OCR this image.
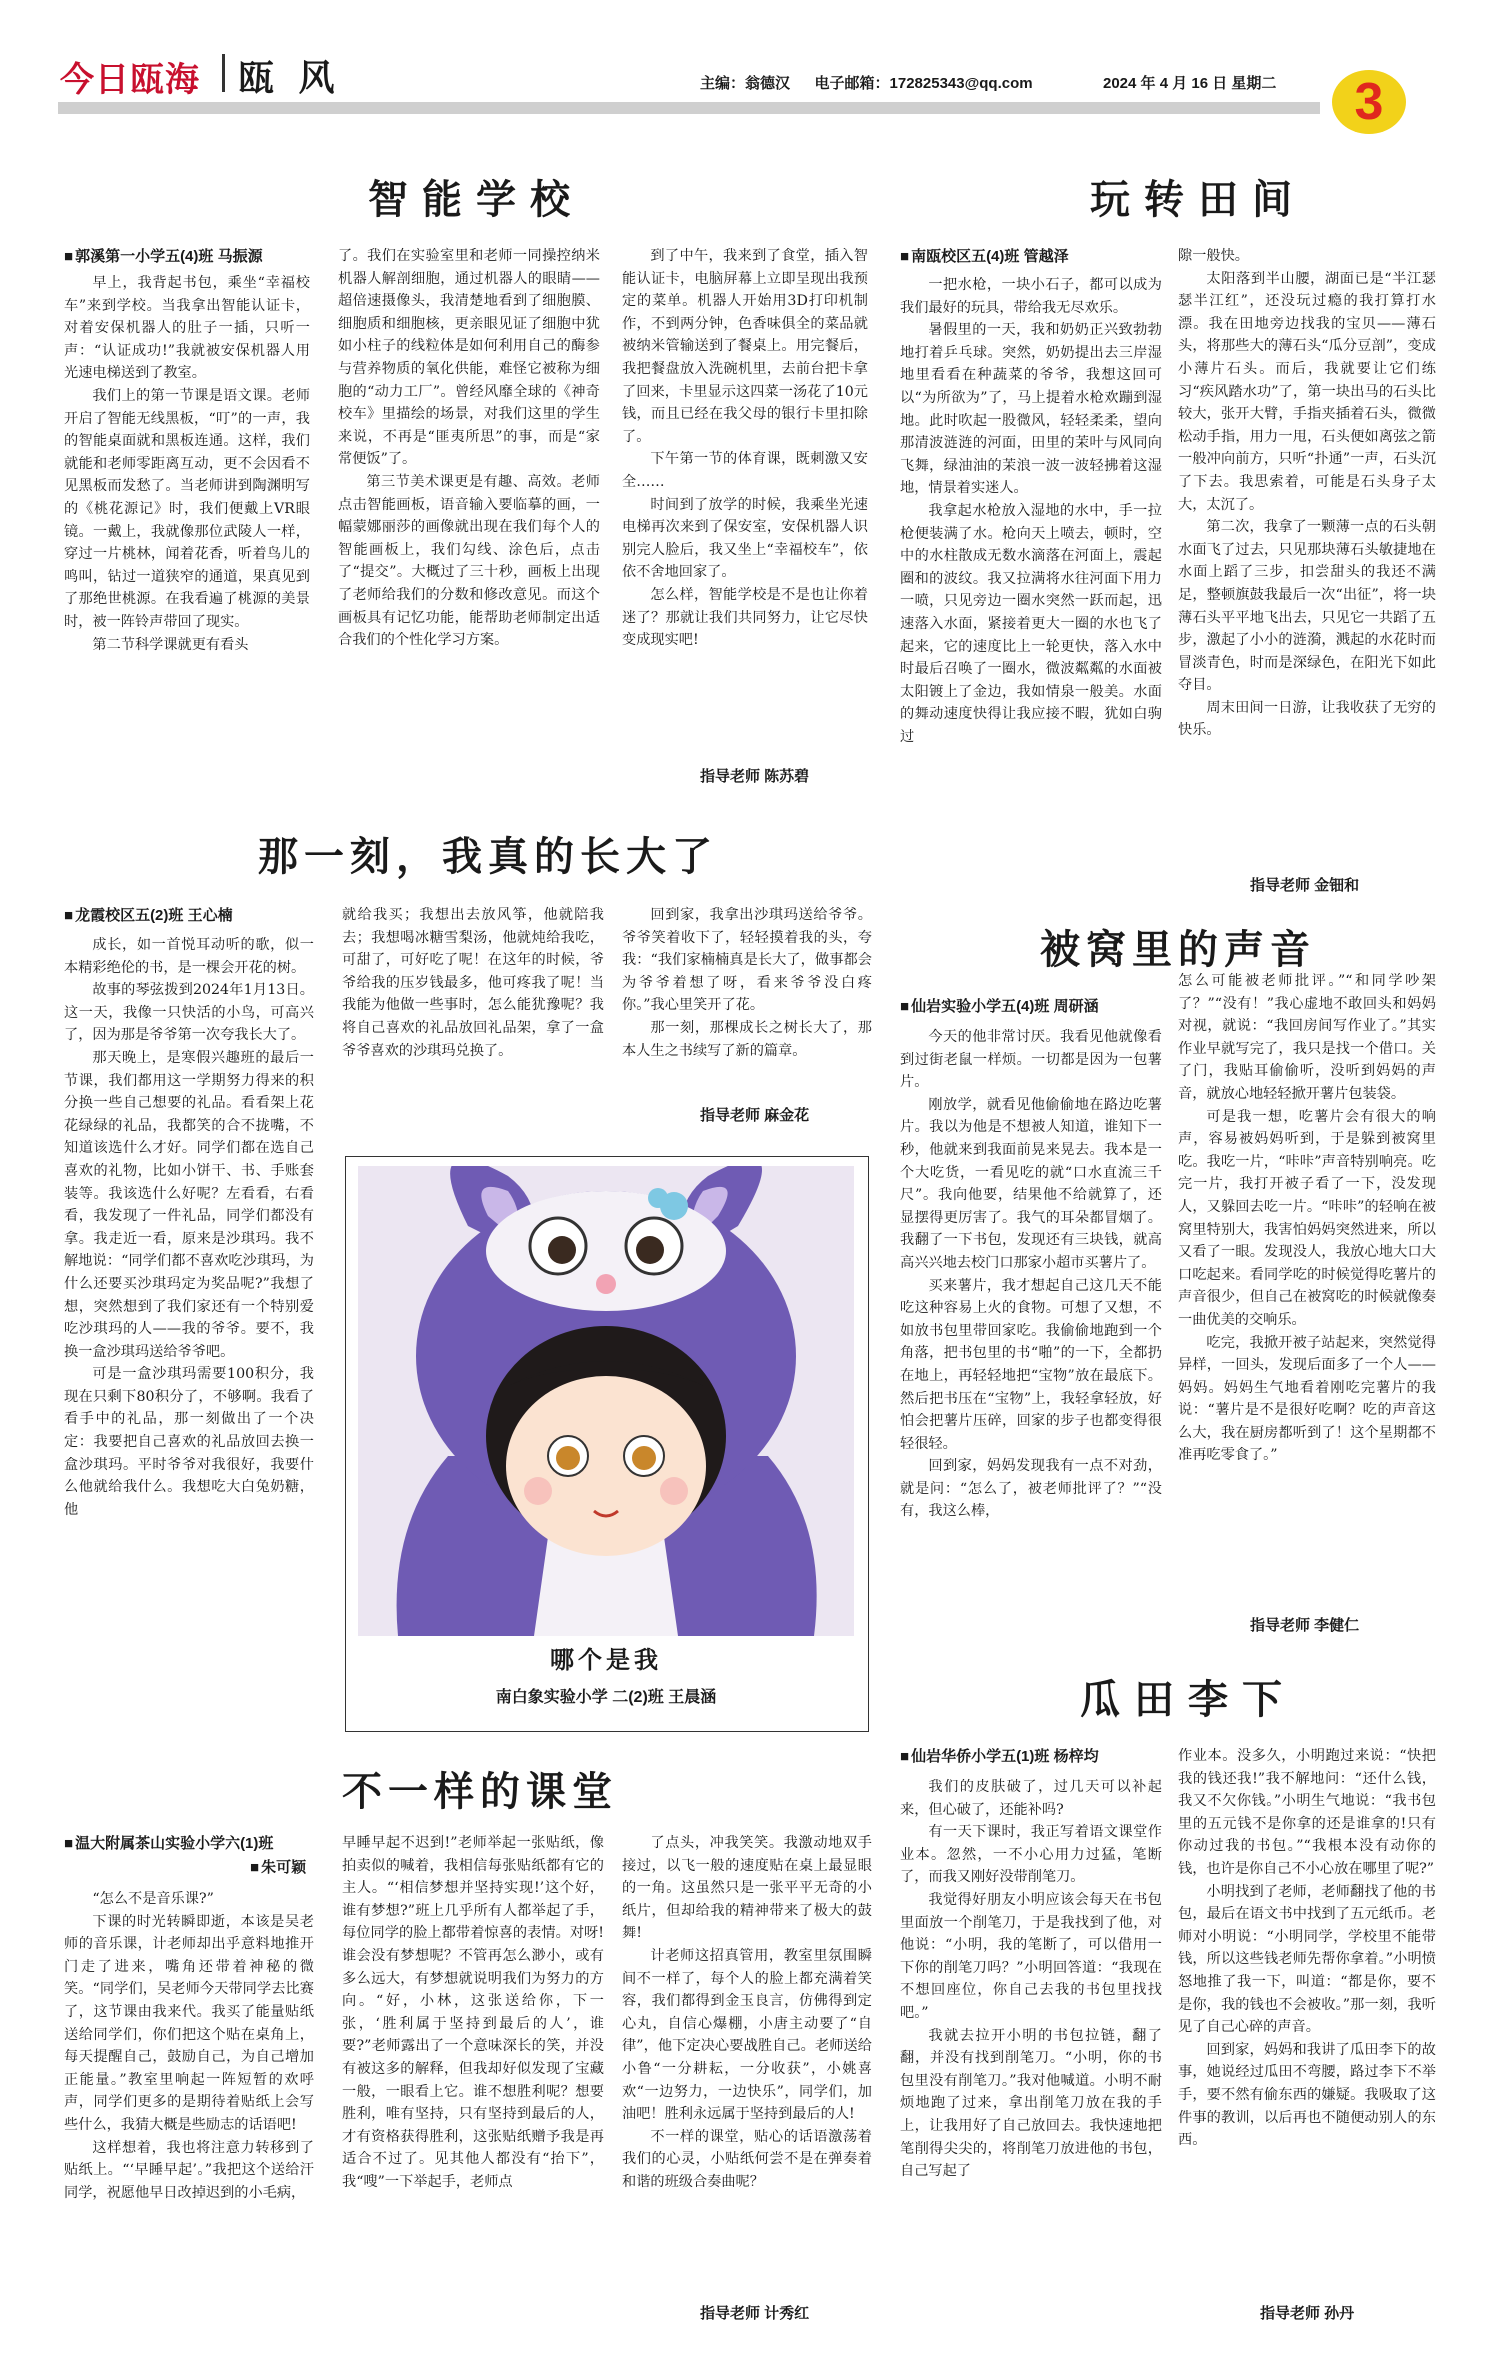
今日瓯海 瓯 风	主编：翁德汉 电子邮箱：172825343@qq.com	2024 年 4 月 16 日 星期二	3
智能学校
■ 郭溪第一小学五(4)班 马振源
早上，我背起书包，乘坐“幸福校车”来到学校。当我拿出智能认证卡，对着安保机器人的肚子一插，只听一声：“认证成功!”我就被安保机器人用光速电梯送到了教室。
我们上的第一节课是语文课。老师开启了智能无线黑板，“叮”的一声，我的智能桌面就和黑板连通。这样，我们就能和老师零距离互动，更不会因看不见黑板而发愁了。当老师讲到陶渊明写的《桃花源记》时，我们便戴上VR眼镜。一戴上，我就像那位武陵人一样，穿过一片桃林，闻着花香，听着鸟儿的鸣叫，钻过一道狭窄的通道，果真见到了那绝世桃源。在我看遍了桃源的美景时，被一阵铃声带回了现实。
第二节科学课就更有看头
了。我们在实验室里和老师一同操控纳米机器人解剖细胞，通过机器人的眼睛——超倍速摄像头，我清楚地看到了细胞膜、细胞质和细胞核，更亲眼见证了细胞中犹如小柱子的线粒体是如何利用自己的酶参与营养物质的氧化供能，难怪它被称为细胞的“动力工厂”。曾经风靡全球的《神奇校车》里描绘的场景，对我们这里的学生来说，不再是“匪夷所思”的事，而是“家常便饭”了。
第三节美术课更是有趣、高效。老师点击智能画板，语音输入要临摹的画，一幅蒙娜丽莎的画像就出现在我们每个人的智能画板上，我们勾线、涂色后，点击了“提交”。大概过了三十秒，画板上出现了老师给我们的分数和修改意见。而这个画板具有记忆功能，能帮助老师制定出适合我们的个性化学习方案。
到了中午，我来到了食堂，插入智能认证卡，电脑屏幕上立即呈现出我预定的菜单。机器人开始用3D打印机制作，不到两分钟，色香味俱全的菜品就被纳米管输送到了餐桌上。用完餐后，我把餐盘放入洗碗机里，去前台把卡拿了回来，卡里显示这四菜一汤花了10元钱，而且已经在我父母的银行卡里扣除了。
下午第一节的体育课，既刺激又安全……
时间到了放学的时候，我乘坐光速电梯再次来到了保安室，安保机器人识别完人脸后，我又坐上“幸福校车”，依依不舍地回家了。
怎么样，智能学校是不是也让你着迷了？那就让我们共同努力，让它尽快变成现实吧!
指导老师 陈苏碧
那一刻，我真的长大了
■ 龙霞校区五(2)班 王心楠
成长，如一首悦耳动听的歌，似一本精彩绝伦的书，是一棵会开花的树。
故事的琴弦拨到2024年1月13日。这一天，我像一只快活的小鸟，可高兴了，因为那是爷爷第一次夸我长大了。
那天晚上，是寒假兴趣班的最后一节课，我们都用这一学期努力得来的积分换一些自己想要的礼品。看看架上花花绿绿的礼品，我都笑的合不拢嘴，不知道该选什么才好。同学们都在选自己喜欢的礼物，比如小饼干、书、手账套装等。我该选什么好呢？左看看，右看看，我发现了一件礼品，同学们都没有拿。我走近一看，原来是沙琪玛。我不解地说：“同学们都不喜欢吃沙琪玛，为什么还要买沙琪玛定为奖品呢?”我想了想，突然想到了我们家还有一个特别爱吃沙琪玛的人——我的爷爷。要不，我换一盒沙琪玛送给爷爷吧。
可是一盒沙琪玛需要100积分，我现在只剩下80积分了，不够啊。我看了看手中的礼品，那一刻做出了一个决定：我要把自己喜欢的礼品放回去换一盒沙琪玛。平时爷爷对我很好，我要什么他就给我什么。我想吃大白兔奶糖，他
就给我买；我想出去放风筝，他就陪我去；我想喝冰糖雪梨汤，他就炖给我吃，可甜了，可好吃了呢！在这年的时候，爷爷给我的压岁钱最多，他可疼我了呢！当我能为他做一些事时，怎么能犹豫呢？我将自己喜欢的礼品放回礼品架，拿了一盒爷爷喜欢的沙琪玛兑换了。
回到家，我拿出沙琪玛送给爷爷。爷爷笑着收下了，轻轻摸着我的头，夸我：“我们家楠楠真是长大了，做事都会为爷爷着想了呀，看来爷爷没白疼你。”我心里笑开了花。
那一刻，那棵成长之树长大了，那本人生之书续写了新的篇章。
指导老师 麻金花
哪个是我
南白象实验小学 二(2)班 王晨涵
不一样的课堂
■ 温大附属茶山实验小学六(1)班
■ 朱可颖
“怎么不是音乐课?”
下课的时光转瞬即逝，本该是吴老师的音乐课，计老师却出乎意料地推开门走了进来，嘴角还带着神秘的微笑。“同学们，吴老师今天带同学去比赛了，这节课由我来代。我买了能量贴纸送给同学们，你们把这个贴在桌角上，每天提醒自己，鼓励自己，为自己增加正能量。”教室里响起一阵短暂的欢呼声，同学们更多的是期待着贴纸上会写些什么，我猜大概是些励志的话语吧!
这样想着，我也将注意力转移到了贴纸上。“‘早睡早起’。”我把这个送给汗同学，祝愿他早日改掉迟到的小毛病，
早睡早起不迟到!”老师举起一张贴纸，像拍卖似的喊着，我相信每张贴纸都有它的主人。“‘相信梦想并坚持实现!’这个好，谁有梦想?”班上几乎所有人都举起了手，每位同学的脸上都带着惊喜的表情。对呀!谁会没有梦想呢？不管再怎么渺小，或有多么远大，有梦想就说明我们为努力的方向。“好，小林，这张送给你，下一张，‘胜利属于坚持到最后的人’，谁要?”老师露出了一个意味深长的笑，并没有被这多的解释，但我却好似发现了宝藏一般，一眼看上它。谁不想胜利呢？想要胜利，唯有坚持，只有坚持到最后的人，才有资格获得胜利，这张贴纸赠予我是再适合不过了。见其他人都没有“抬下”，我“嗖”一下举起手，老师点
了点头，冲我笑笑。我激动地双手接过，以飞一般的速度贴在桌上最显眼的一角。这虽然只是一张平平无奇的小纸片，但却给我的精神带来了极大的鼓舞!
计老师这招真管用，教室里氛围瞬间不一样了，每个人的脸上都充满着笑容，我们都得到金玉良言，仿佛得到定心丸，自信心爆棚，小唐主动要了“自律”，他下定决心要战胜自己。老师送给小鲁“一分耕耘，一分收获”，小姚喜欢“一边努力，一边快乐”，同学们，加油吧！胜利永远属于坚持到最后的人!
不一样的课堂，贴心的话语激荡着我们的心灵，小贴纸何尝不是在弹奏着和谐的班级合奏曲呢？
指导老师 计秀红
玩转田间
■ 南瓯校区五(4)班 管越泽
一把水枪，一块小石子，都可以成为我们最好的玩具，带给我无尽欢乐。
暑假里的一天，我和奶奶正兴致勃勃地打着乒乓球。突然，奶奶提出去三岸湿地里看看在种蔬菜的爷爷，我想这回可以“为所欲为”了，马上提着水枪欢蹦到湿地。此时吹起一股微风，轻轻柔柔，望向那清波涟涟的河面，田里的茉叶与风同向飞舞，绿油油的茉浪一波一波轻拂着这湿地，情景着实迷人。
我拿起水枪放入湿地的水中，手一拉枪便装满了水。枪向天上喷去，顿时，空中的水柱散成无数水滴落在河面上，震起圈和的波纹。我又拉满将水往河面下用力一喷，只见旁边一圈水突然一跃而起，迅速落入水面，紧接着更大一圈的水也飞了起来，它的速度比上一轮更快，落入水中时最后召唤了一圈水，微波粼粼的水面被太阳镀上了金边，我如情泉一般美。水面的舞动速度快得让我应接不暇，犹如白驹过
隙一般快。
太阳落到半山腰，湖面已是“半江瑟瑟半江红”，还没玩过瘾的我打算打水漂。我在田地旁边找我的宝贝——薄石头，将那些大的薄石头“瓜分豆剖”，变成小薄片石头。而后，我就要让它们练习“疾风踏水功”了，第一块出马的石头比较大，张开大臂，手指夹插着石头，微微松动手指，用力一甩，石头便如离弦之箭一般冲向前方，只听“扑通”一声，石头沉了下去。我思索着，可能是石头身子太大，太沉了。
第二次，我拿了一颗薄一点的石头朝水面飞了过去，只见那块薄石头敏捷地在水面上蹈了三步，扣尝甜头的我还不满足，整顿旗鼓我最后一次“出征”，将一块薄石头平平地飞出去，只见它一共蹈了五步，激起了小小的涟漪，溅起的水花时而冒淡青色，时而是深绿色，在阳光下如此夺目。
周末田间一日游，让我收获了无穷的快乐。
指导老师 金钿和
被窝里的声音
■ 仙岩实验小学五(4)班 周研涵
今天的他非常讨厌。我看见他就像看到过街老鼠一样烦。一切都是因为一包薯片。
刚放学，就看见他偷偷地在路边吃薯片。我以为他是不想被人知道，谁知下一秒，他就来到我面前晃来晃去。我本是一个大吃货，一看见吃的就“口水直流三千尺”。我向他要，结果他不给就算了，还显摆得更厉害了。我气的耳朵都冒烟了。我翻了一下书包，发现还有三块钱，就高高兴兴地去校门口那家小超市买薯片了。
买来薯片，我才想起自己这几天不能吃这种容易上火的食物。可想了又想，不如放书包里带回家吃。我偷偷地跑到一个角落，把书包里的书“啪”的一下，全都扔在地上，再轻轻地把“宝物”放在最底下。然后把书压在“宝物”上，我轻拿轻放，好怕会把薯片压碎，回家的步子也都变得很轻很轻。
回到家，妈妈发现我有一点不对劲，就是问：“怎么了，被老师批评了？”“没有，我这么棒，
怎么可能被老师批评。”“和同学吵架了？”“没有！”我心虚地不敢回头和妈妈对视，就说：“我回房间写作业了。”其实作业早就写完了，我只是找一个借口。关了门，我贴耳偷偷听，没听到妈妈的声音，就放心地轻轻掀开薯片包装袋。
可是我一想，吃薯片会有很大的响声，容易被妈妈听到，于是躲到被窝里吃。我吃一片，“咔咔”声音特别响亮。吃完一片，我打开被子看了一下，没发现人，又躲回去吃一片。“咔咔”的轻响在被窝里特别大，我害怕妈妈突然进来，所以又看了一眼。发现没人，我放心地大口大口吃起来。看同学吃的时候觉得吃薯片的声音很少，但自己在被窝吃的时候就像奏一曲优美的交响乐。
吃完，我掀开被子站起来，突然觉得异样，一回头，发现后面多了一个人——妈妈。妈妈生气地看着刚吃完薯片的我说：“薯片是不是很好吃啊？吃的声音这么大，我在厨房都听到了！这个星期都不准再吃零食了。”
指导老师 李健仁
瓜田李下
■ 仙岩华侨小学五(1)班 杨梓均
我们的皮肤破了，过几天可以补起来，但心破了，还能补吗?
有一天下课时，我正写着语文课堂作业本。忽然，一不小心用力过猛，笔断了，而我又刚好没带削笔刀。
我觉得好朋友小明应该会每天在书包里面放一个削笔刀，于是我找到了他，对他说：“小明，我的笔断了，可以借用一下你的削笔刀吗？”小明回答道：“我现在不想回座位，你自己去我的书包里找找吧。”
我就去拉开小明的书包拉链，翻了翻，并没有找到削笔刀。“小明，你的书包里没有削笔刀。”我对他喊道。小明不耐烦地跑了过来，拿出削笔刀放在我的手上，让我用好了自己放回去。我快速地把笔削得尖尖的，将削笔刀放进他的书包，自己写起了
作业本。没多久，小明跑过来说：“快把我的钱还我!”我不解地问：“还什么钱，我又不欠你钱。”小明生气地说：“我书包里的五元钱不是你拿的还是谁拿的!只有你动过我的书包。”“我根本没有动你的钱，也许是你自己不小心放在哪里了呢?”
小明找到了老师，老师翻找了他的书包，最后在语文书中找到了五元纸币。老师对小明说：“小明同学，学校里不能带钱，所以这些钱老师先帮你拿着。”小明愤怒地推了我一下，叫道：“都是你，要不是你，我的钱也不会被收。”那一刻，我听见了自己心碎的声音。
回到家，妈妈和我讲了瓜田李下的故事，她说经过瓜田不弯腰，路过李下不举手，要不然有偷东西的嫌疑。我吸取了这件事的教训，以后再也不随便动别人的东西。
指导老师 孙丹
